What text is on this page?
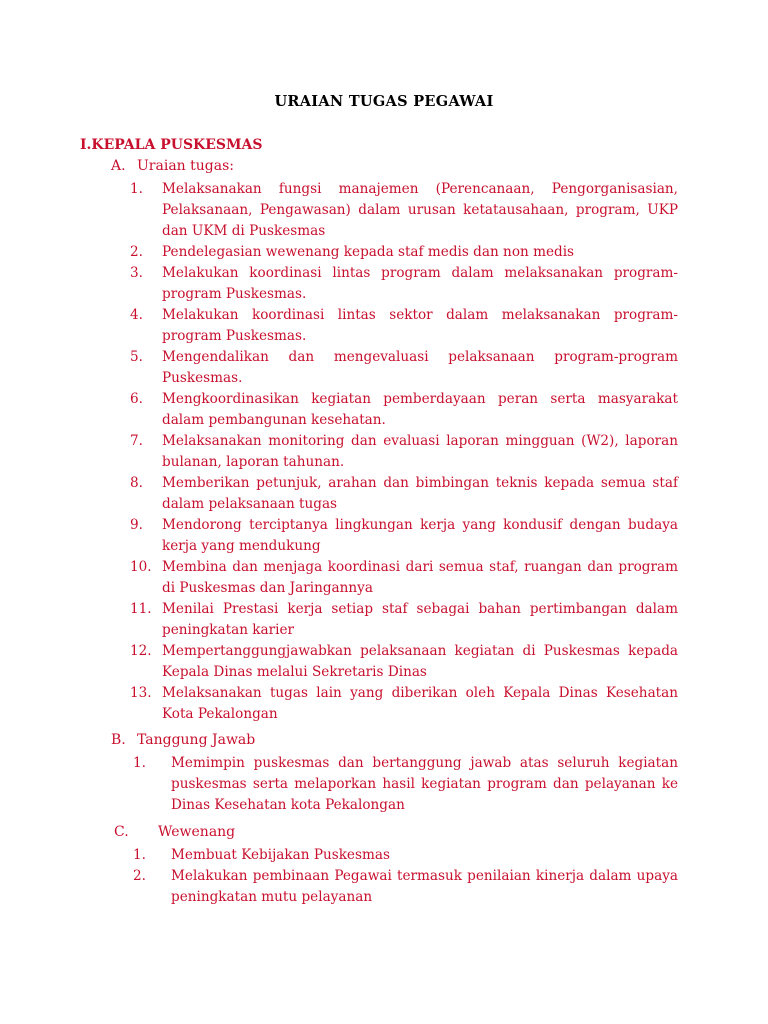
URAIAN TUGAS PEGAWAI
I.KEPALA PUSKESMAS
A. Uraian tugas:
1.	Melaksanakan fungsi manajemen (Perencanaan, Pengorganisasian, Pelaksanaan, Pengawasan) dalam urusan ketatausahaan, program, UKP dan UKM di Puskesmas
2.	Pendelegasian wewenang kepada staf medis dan non medis
3.	Melakukan koordinasi lintas program dalam melaksanakan program-program Puskesmas.
4.	Melakukan koordinasi lintas sektor dalam melaksanakan program-program Puskesmas.
5.	Mengendalikan dan mengevaluasi pelaksanaan program-program Puskesmas.
6.	Mengkoordinasikan kegiatan pemberdayaan peran serta masyarakat dalam pembangunan kesehatan.
7.	Melaksanakan monitoring dan evaluasi laporan mingguan (W2), laporan bulanan, laporan tahunan.
8.	Memberikan petunjuk, arahan dan bimbingan teknis kepada semua staf dalam pelaksanaan tugas
9.	Mendorong terciptanya lingkungan kerja yang kondusif dengan budaya kerja yang mendukung
10. Membina dan menjaga koordinasi dari semua staf, ruangan dan program di Puskesmas dan Jaringannya
11. Menilai Prestasi kerja setiap staf sebagai bahan pertimbangan dalam peningkatan karier
12. Mempertanggungjawabkan pelaksanaan kegiatan di Puskesmas kepada Kepala Dinas melalui Sekretaris Dinas
13. Melaksanakan tugas lain yang diberikan oleh Kepala Dinas Kesehatan Kota Pekalongan
B. Tanggung Jawab
1.	Memimpin puskesmas dan bertanggung jawab atas seluruh kegiatan puskesmas serta melaporkan hasil kegiatan program dan pelayanan ke Dinas Kesehatan kota Pekalongan
C. Wewenang
1.	Membuat Kebijakan Puskesmas
2.	Melakukan pembinaan Pegawai termasuk penilaian kinerja dalam upaya peningkatan mutu pelayanan
